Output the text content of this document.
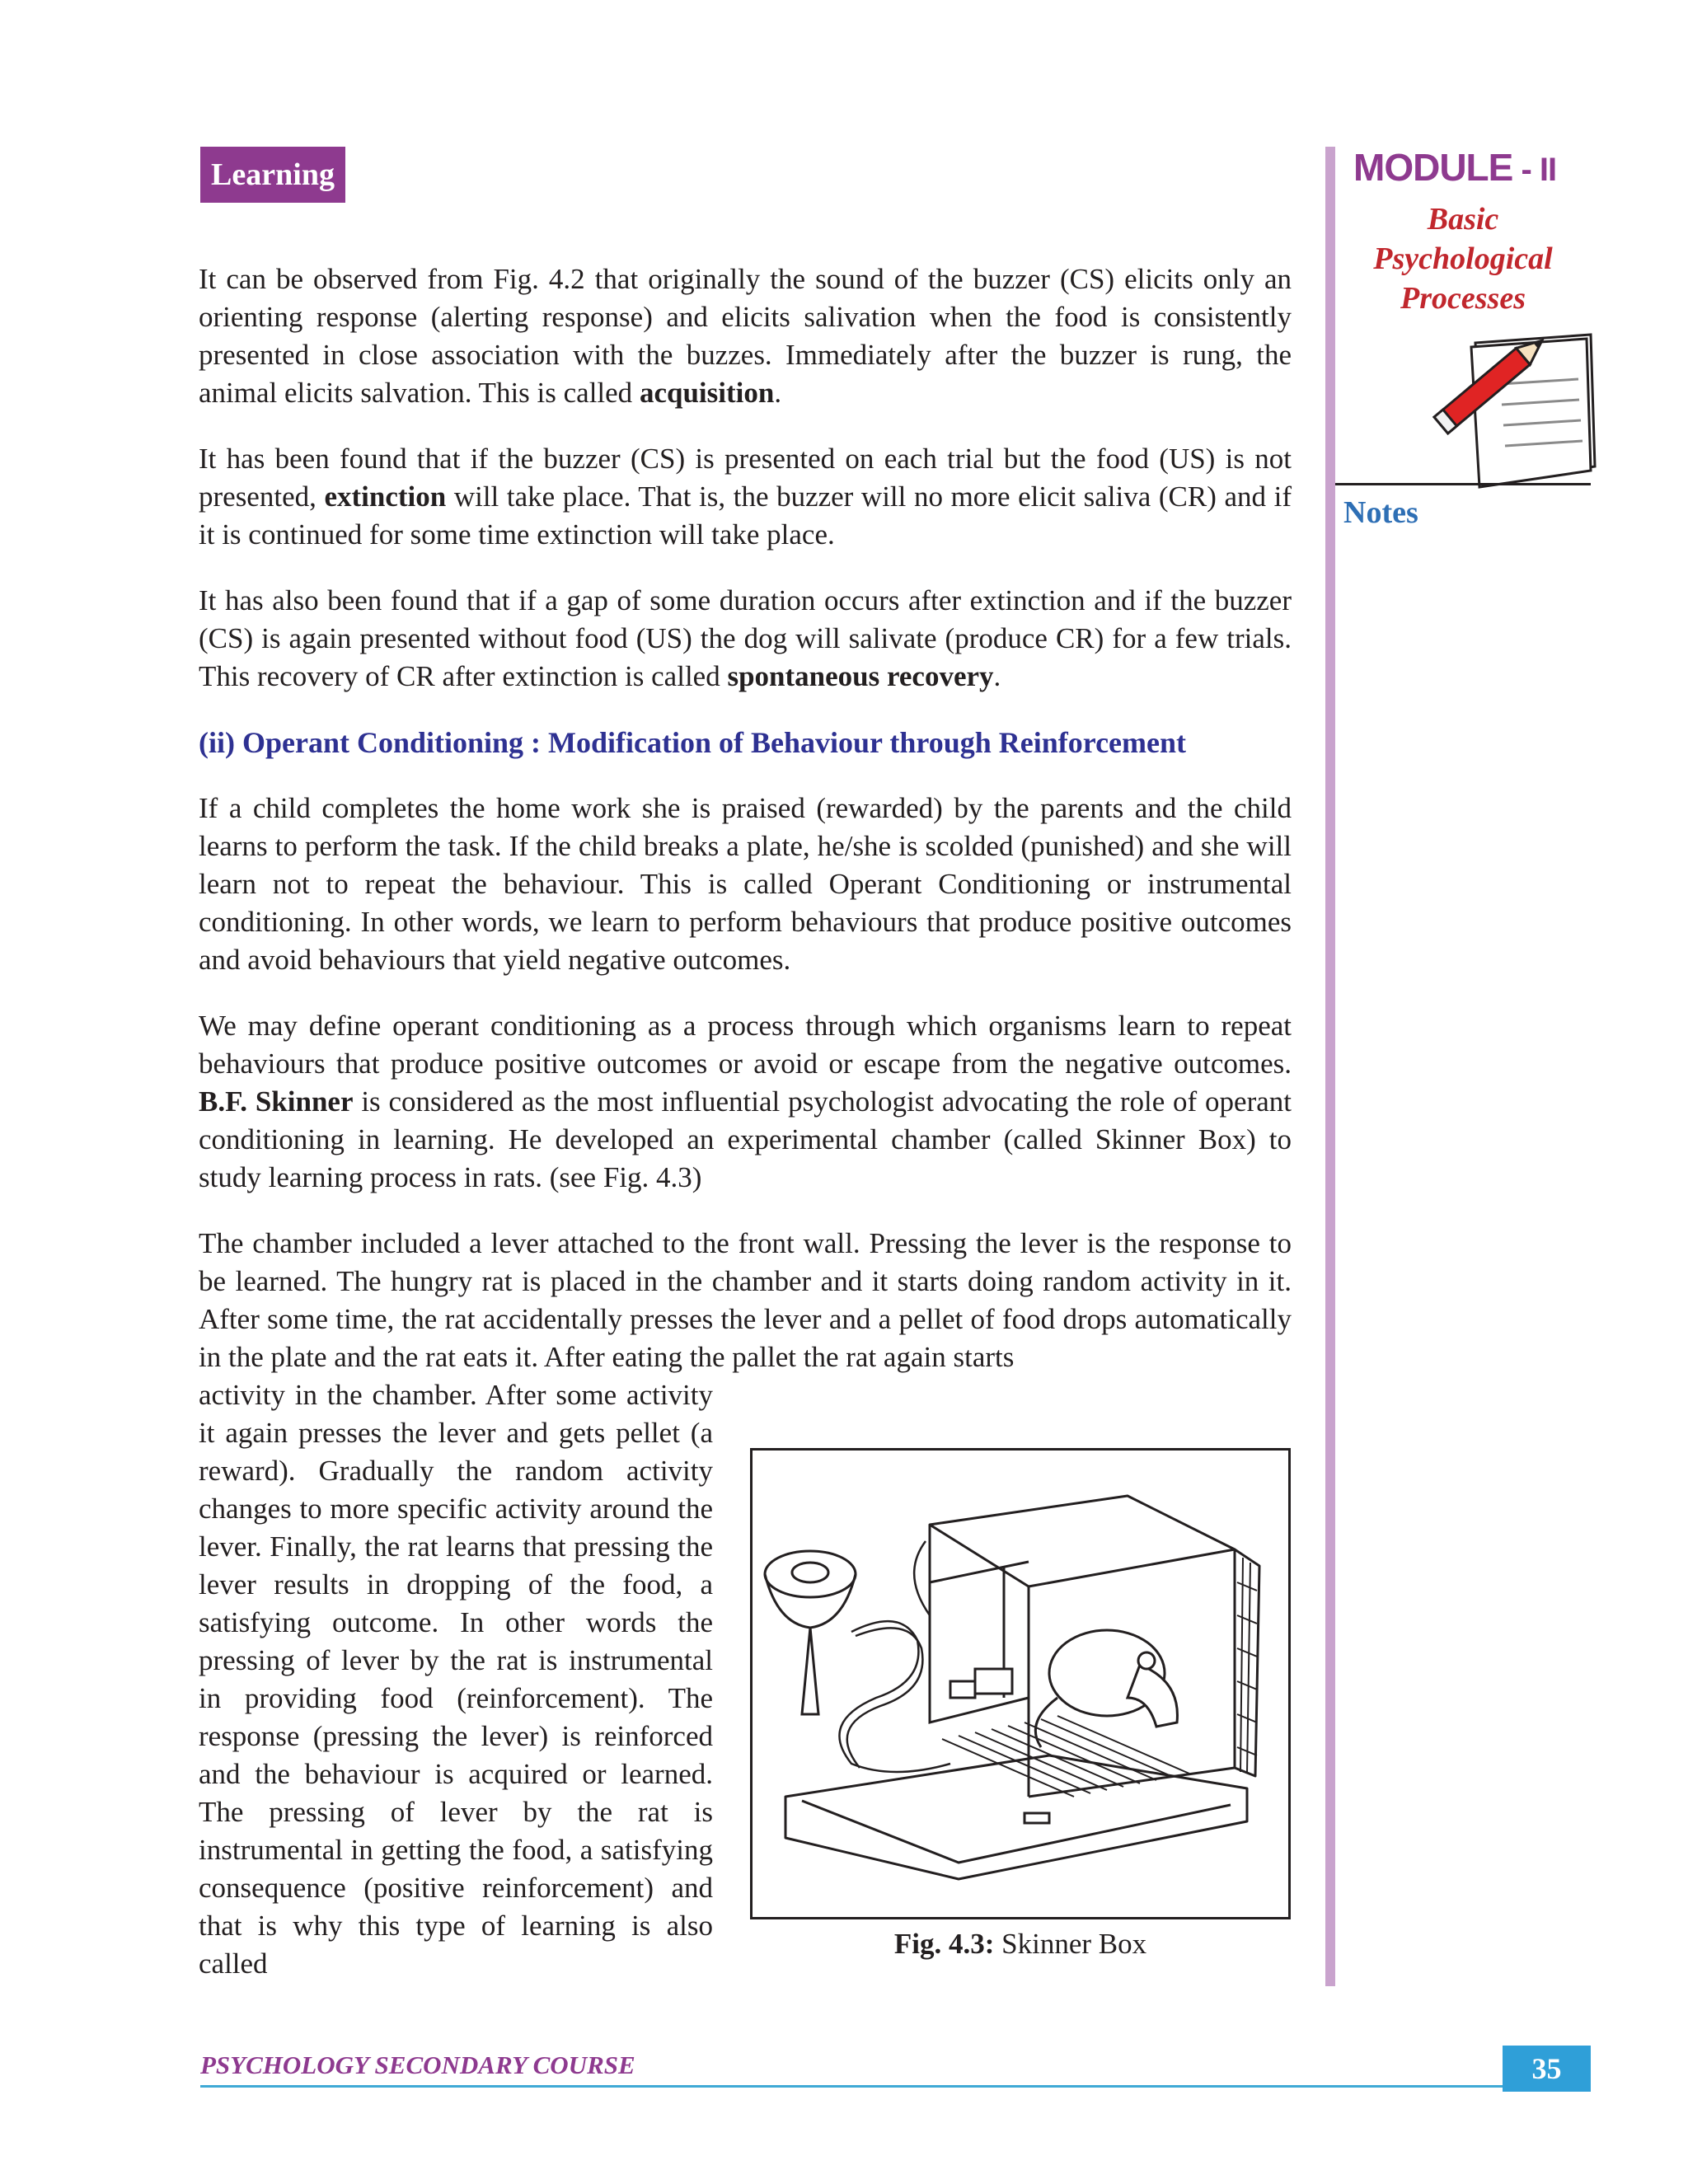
Learning	MODULE - II
Basic
Psychological
Processes
Notes

It can be observed from Fig. 4.2 that originally the sound of the buzzer (CS) elicits only an orienting response (alerting response) and elicits salivation when the food is consistently presented in close association with the buzzes. Immediately after the buzzer is rung, the animal elicits salvation. This is called acquisition.

It has been found that if the buzzer (CS) is presented on each trial but the food (US) is not presented, extinction will take place. That is, the buzzer will no more elicit saliva (CR) and if it is continued for some time extinction will take place.

It has also been found that if a gap of some duration occurs after extinction and if the buzzer (CS) is again presented without food (US) the dog will salivate (produce CR) for a few trials. This recovery of CR after extinction is called spontaneous recovery.

(ii) Operant Conditioning : Modification of Behaviour through Reinforcement

If a child completes the home work she is praised (rewarded) by the parents and the child learns to perform the task. If the child breaks a plate, he/she is scolded (punished) and she will learn not to repeat the behaviour. This is called Operant Conditioning or instrumental conditioning. In other words, we learn to perform behaviours that produce positive outcomes and avoid behaviours that yield negative outcomes.

We may define operant conditioning as a process through which organisms learn to repeat behaviours that produce positive outcomes or avoid or escape from the negative outcomes. B.F. Skinner is considered as the most influential psychologist advocating the role of operant conditioning in learning. He developed an experimental chamber (called Skinner Box) to study learning process in rats. (see Fig. 4.3)

The chamber included a lever attached to the front wall. Pressing the lever is the response to be learned. The hungry rat is placed in the chamber and it starts doing random activity in it. After some time, the rat accidentally presses the lever and a pellet of food drops automatically in the plate and the rat eats it. After eating the pallet the rat again starts

activity in the chamber. After some activity it again presses the lever and gets pellet (a reward). Gradually the random activity changes to more specific activity around the lever. Finally, the rat learns that pressing the lever results in dropping of the food, a satisfying outcome. In other words the pressing of lever by the rat is instrumental in providing food (reinforcement). The response (pressing the lever) is reinforced and the behaviour is acquired or learned. The pressing of lever by the rat is instrumental in getting the food, a satisfying consequence (positive reinforcement) and that is why this type of learning is also called
Fig. 4.3: Skinner Box
PSYCHOLOGY SECONDARY COURSE	35
